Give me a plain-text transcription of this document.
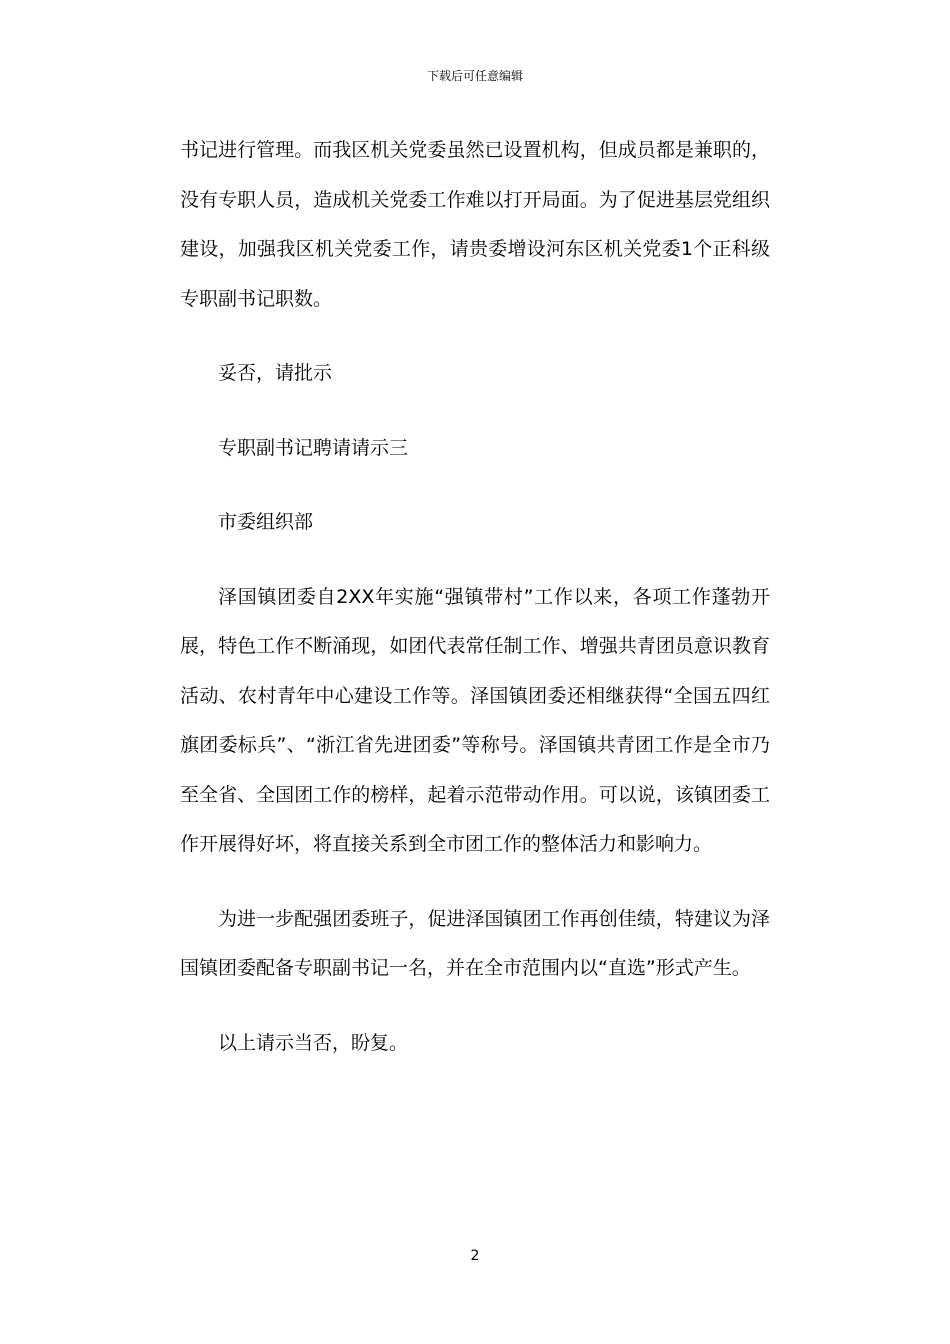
下载后可任意编辑

书记进行管理。而我区机关党委虽然已设置机构，但成员都是兼职的，没有专职人员，造成机关党委工作难以打开局面。为了促进基层党组织建设，加强我区机关党委工作，请贵委增设河东区机关党委1个正科级专职副书记职数。

妥否，请批示

专职副书记聘请请示三

市委组织部

泽国镇团委自2XX年实施“强镇带村”工作以来，各项工作蓬勃开展，特色工作不断涌现，如团代表常任制工作、增强共青团员意识教育活动、农村青年中心建设工作等。泽国镇团委还相继获得“全国五四红旗团委标兵”、“浙江省先进团委”等称号。泽国镇共青团工作是全市乃至全省、全国团工作的榜样，起着示范带动作用。可以说，该镇团委工作开展得好坏，将直接关系到全市团工作的整体活力和影响力。

为进一步配强团委班子，促进泽国镇团工作再创佳绩，特建议为泽国镇团委配备专职副书记一名，并在全市范围内以“直选”形式产生。

以上请示当否，盼复。

2
